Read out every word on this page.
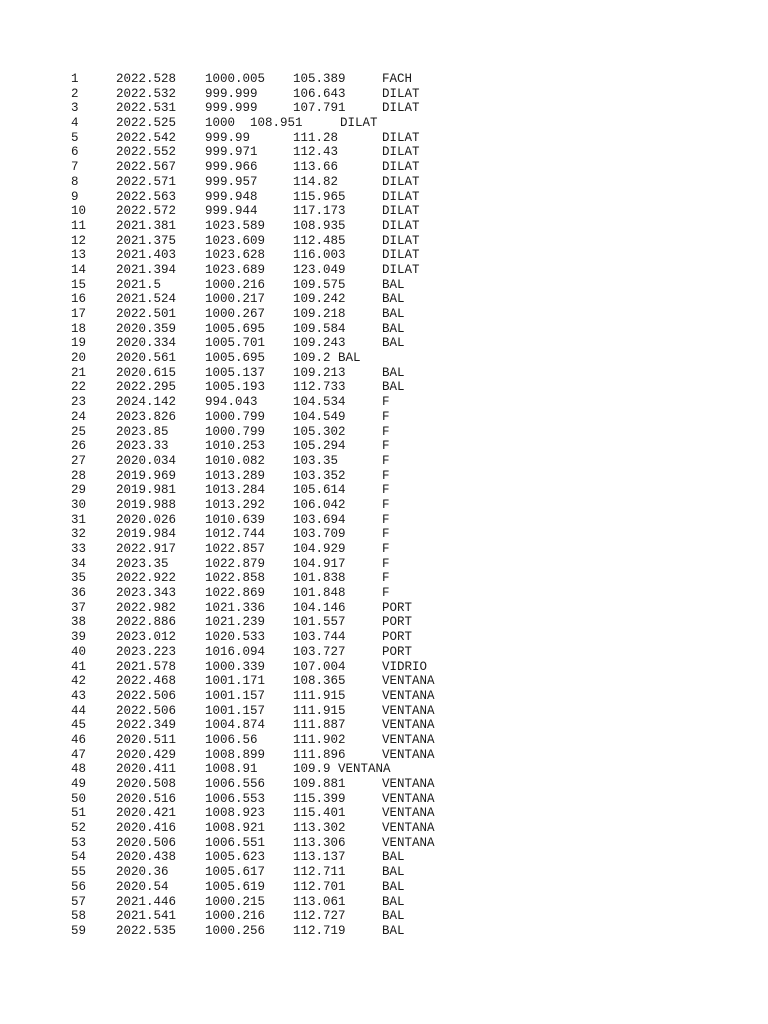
1	2022.528 1000.005 105.389	FACH
2	2022.532 999.999	106.643	DILAT
3	2022.531 999.999	107.791	DILAT
4	2022.525 1000  108.951     DILAT
5	2022.542 999.99	111.28	DILAT
6	2022.552 999.971	112.43	DILAT
7	2022.567 999.966	113.66	DILAT
8	2022.571 999.957	114.82	DILAT
9	2022.563 999.948	115.965	DILAT
10 2022.572 999.944	117.173	DILAT
11 2021.381 1023.589 108.935	DILAT
12 2021.375 1023.609 112.485	DILAT
13 2021.403 1023.628 116.003	DILAT
14 2021.394 1023.689 123.049	DILAT
15 2021.5	1000.216 109.575	BAL
16 2021.524 1000.217 109.242	BAL
17 2022.501 1000.267 109.218	BAL
18 2020.359 1005.695 109.584	BAL
19 2020.334 1005.701 109.243	BAL
20 2020.561 1005.695 109.2 BAL
21 2020.615 1005.137 109.213	BAL
22 2022.295 1005.193 112.733	BAL
23 2024.142 994.043	104.534	F
24 2023.826 1000.799 104.549	F
25 2023.85	1000.799 105.302	F
26 2023.33	1010.253 105.294	F
27 2020.034 1010.082 103.35	F
28 2019.969 1013.289 103.352	F
29 2019.981 1013.284 105.614	F
30 2019.988 1013.292 106.042	F
31 2020.026 1010.639 103.694	F
32 2019.984 1012.744 103.709	F
33 2022.917 1022.857 104.929	F
34 2023.35	1022.879 104.917	F
35 2022.922 1022.858 101.838	F
36 2023.343 1022.869 101.848	F
37 2022.982 1021.336 104.146	PORT
38 2022.886 1021.239 101.557	PORT
39 2023.012 1020.533 103.744	PORT
40 2023.223 1016.094 103.727	PORT
41 2021.578 1000.339 107.004	VIDRIO
42 2022.468 1001.171 108.365	VENTANA
43 2022.506 1001.157 111.915	VENTANA
44 2022.506 1001.157 111.915	VENTANA
45 2022.349 1004.874 111.887	VENTANA
46 2020.511 1006.56	111.902	VENTANA
47 2020.429 1008.899 111.896	VENTANA
48 2020.411 1008.91	109.9 VENTANA
49 2020.508 1006.556 109.881	VENTANA
50 2020.516 1006.553 115.399	VENTANA
51 2020.421 1008.923 115.401	VENTANA
52 2020.416 1008.921 113.302	VENTANA
53 2020.506 1006.551 113.306	VENTANA
54 2020.438 1005.623 113.137	BAL
55 2020.36	1005.617 112.711	BAL
56 2020.54	1005.619 112.701	BAL
57 2021.446 1000.215 113.061	BAL
58 2021.541 1000.216 112.727	BAL
59 2022.535 1000.256 112.719	BAL
